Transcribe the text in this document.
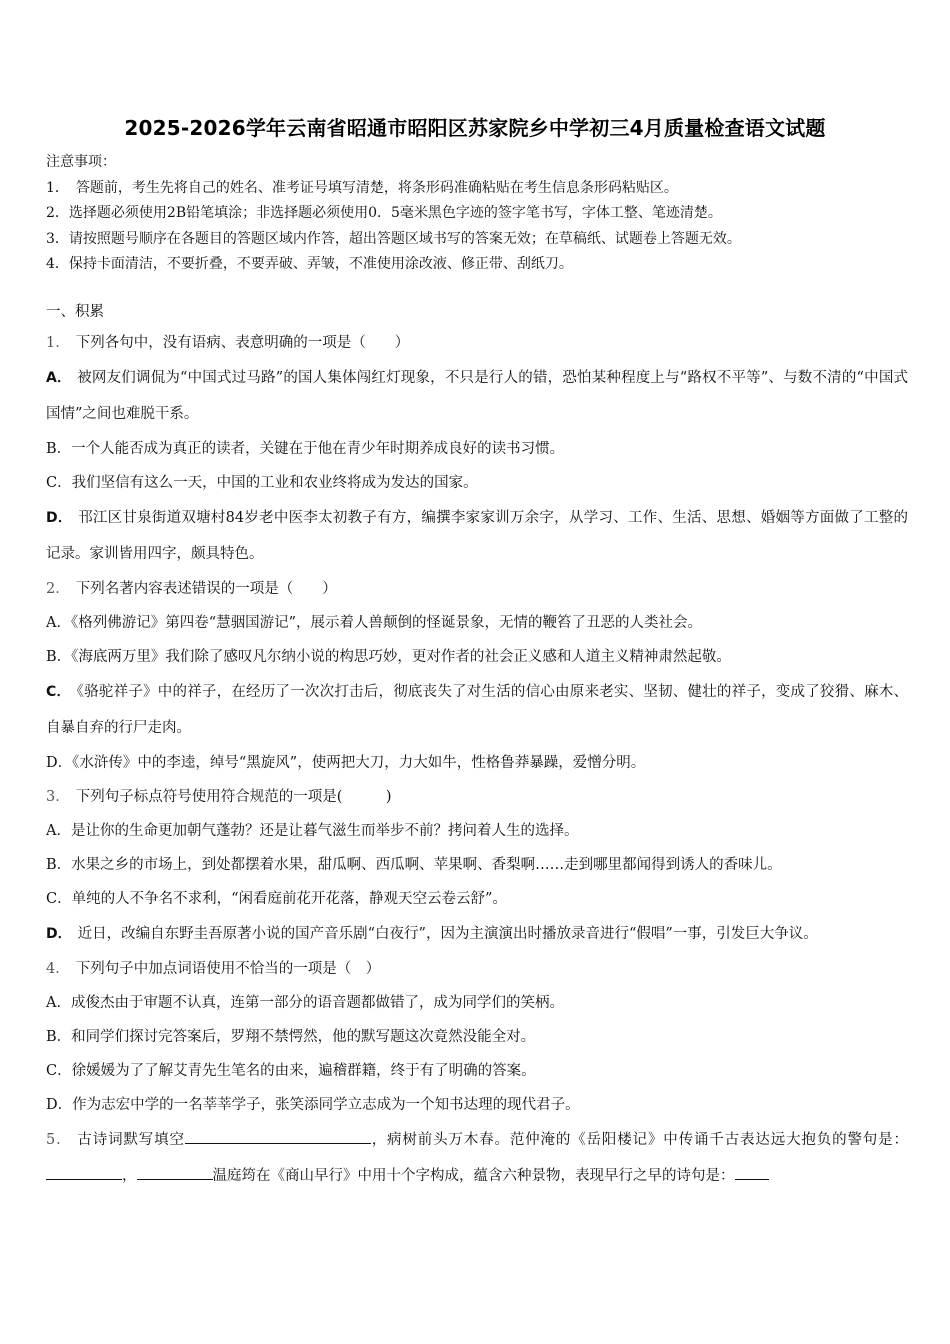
2025-2026学年云南省昭通市昭阳区苏家院乡中学初三4月质量检查语文试题
注意事项：
1．　答题前，考生先将自己的姓名、准考证号填写清楚，将条形码准确粘贴在考生信息条形码粘贴区。
2．选择题必须使用2B铅笔填涂；非选择题必须使用0．5毫米黑色字迹的签字笔书写，字体工整、笔迹清楚。
3．请按照题号顺序在各题目的答题区域内作答，超出答题区域书写的答案无效；在草稿纸、试题卷上答题无效。
4．保持卡面清洁，不要折叠，不要弄破、弄皱，不准使用涂改液、修正带、刮纸刀。
一、积累
1． 下列各句中，没有语病、表意明确的一项是（　　）
A． 被网友们调侃为“中国式过马路”的国人集体闯红灯现象，不只是行人的错，恐怕某种程度上与“路权不平等”、与数不清的“中国式国情”之间也难脱干系。
B．一个人能否成为真正的读者，关键在于他在青少年时期养成良好的读书习惯。
C．我们坚信有这么一天，中国的工业和农业终将成为发达的国家。
D． 邗江区甘泉街道双塘村84岁老中医李太初教子有方，编撰李家家训万余字，从学习、工作、生活、思想、婚姻等方面做了工整的记录。家训皆用四字，颇具特色。
2． 下列名著内容表述错误的一项是（　　）
A．《格列佛游记》第四卷“慧骃国游记”，展示着人兽颠倒的怪诞景象，无情的鞭笞了丑恶的人类社会。
B．《海底两万里》我们除了感叹凡尔纳小说的构思巧妙，更对作者的社会正义感和人道主义精神肃然起敬。
C． 《骆驼祥子》中的祥子，在经历了一次次打击后，彻底丧失了对生活的信心由原来老实、坚韧、健壮的祥子，变成了狡猾、麻木、自暴自弃的行尸走肉。
D．《水浒传》中的李逵，绰号“黑旋风”，使两把大刀，力大如牛，性格鲁莽暴躁，爱憎分明。
3． 下列句子标点符号使用符合规范的一项是(　　　)
A．是让你的生命更加朝气蓬勃？还是让暮气滋生而举步不前？拷问着人生的选择。
B．水果之乡的市场上，到处都摆着水果，甜瓜啊、西瓜啊、苹果啊、香梨啊……走到哪里都闻得到诱人的香味儿。
C．单纯的人不争名不求利，“闲看庭前花开花落，静观天空云卷云舒”。
D． 近日，改编自东野圭吾原著小说的国产音乐剧“白夜行”，因为主演演出时播放录音进行“假唱”一事，引发巨大争议。
4． 下列句子中加点词语使用不恰当的一项是（　）
A．成俊杰由于审题不认真，连第一部分的语音题都做错了，成为同学们的笑柄。
B．和同学们探讨完答案后，罗翔不禁愕然，他的默写题这次竟然没能全对。
C．徐媛媛为了了解艾青先生笔名的由来，遍稽群籍，终于有了明确的答案。
D．作为志宏中学的一名莘莘学子，张笑添同学立志成为一个知书达理的现代君子。
5． 古诗词默写填空	，病树前头万木春。范仲淹的《岳阳楼记》中传诵千古表达远大抱负的警句是：，	温庭筠在《商山早行》中用十个字构成，蕴含六种景物，表现早行之早的诗句是：
